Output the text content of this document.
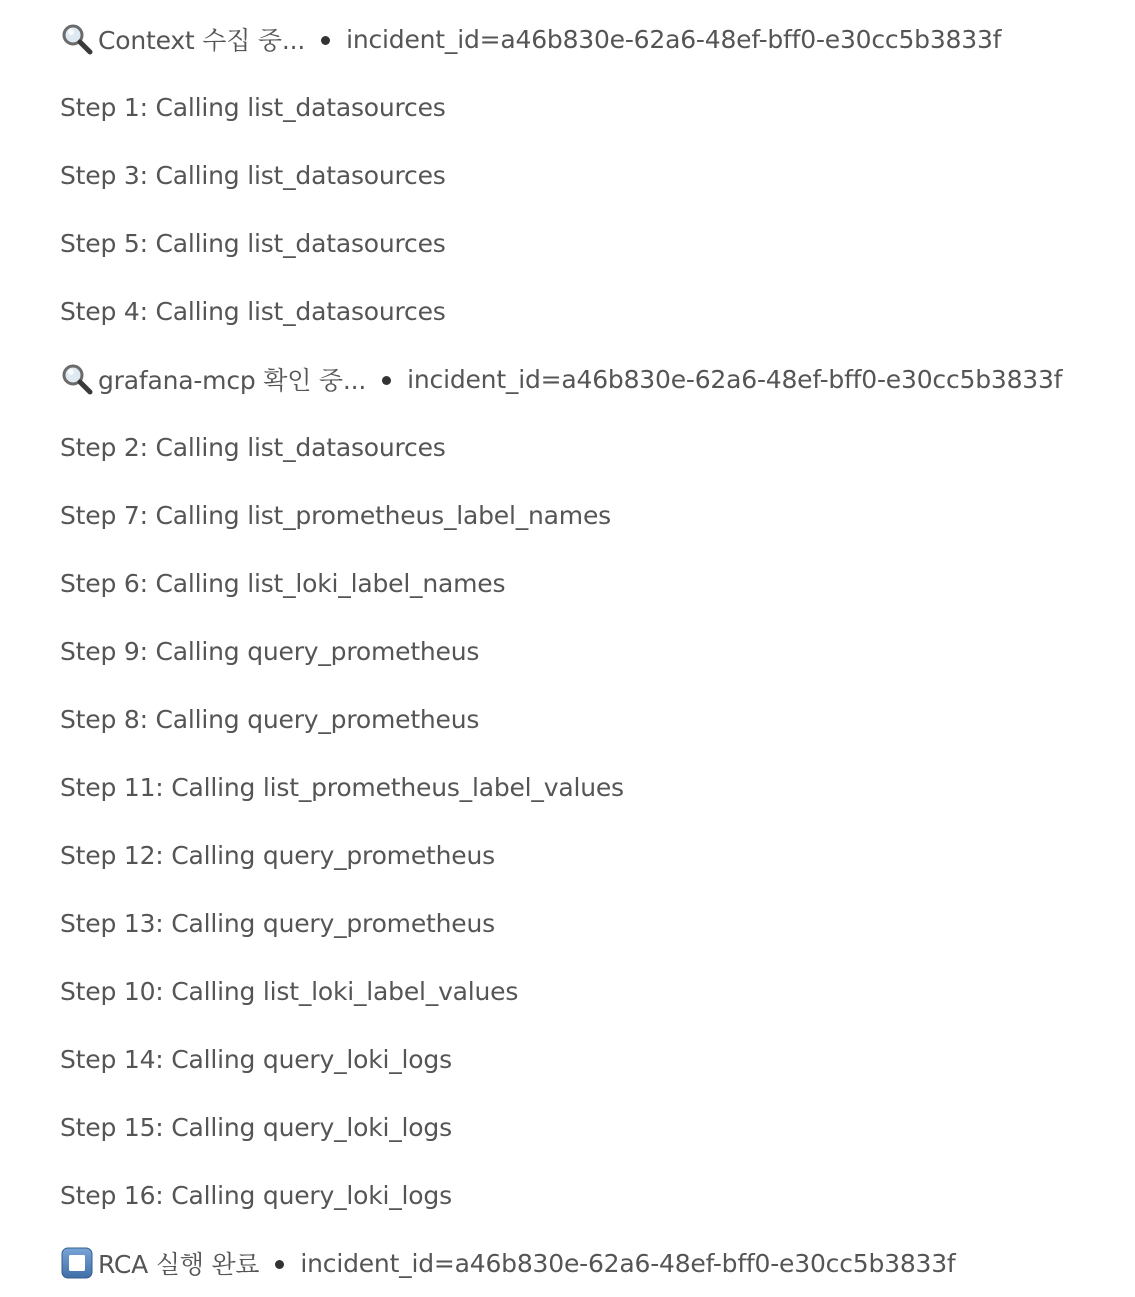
Context 수집 중... incident_id=a46b830e-62a6-48ef-bff0-e30cc5b3833f
Step 1: Calling list_datasources
Step 3: Calling list_datasources
Step 5: Calling list_datasources
Step 4: Calling list_datasources
grafana-mcp 확인 중... incident_id=a46b830e-62a6-48ef-bff0-e30cc5b3833f
Step 2: Calling list_datasources
Step 7: Calling list_prometheus_label_names
Step 6: Calling list_loki_label_names
Step 9: Calling query_prometheus
Step 8: Calling query_prometheus
Step 11: Calling list_prometheus_label_values
Step 12: Calling query_prometheus
Step 13: Calling query_prometheus
Step 10: Calling list_loki_label_values
Step 14: Calling query_loki_logs
Step 15: Calling query_loki_logs
Step 16: Calling query_loki_logs
RCA 실행 완료 incident_id=a46b830e-62a6-48ef-bff0-e30cc5b3833f
